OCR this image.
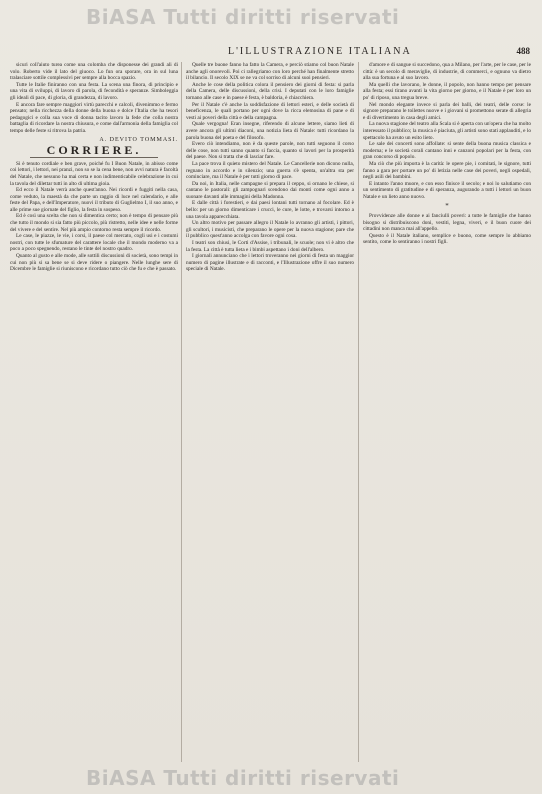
BiASA Tutti diritti riservati
L'ILLUSTRAZIONE ITALIANA	488

sicuri coll'aiuto turea come una colomba che disponesse dei grandi ali di volo. Roberto vide il lato del giuoco. Lo fun ora sporare, ora in sul luna tralasciare sottile complessivi per sempre alla bocca spazio.

Tutte le Italie finiranno con una festa. La scena una finora, di principio e una vita di sviluppi, di lavoro di parola, di fecondità e speranze. Simboleggia gli ideali di pace, di gloria, di grandezza, di lavoro.

E ancora fare sempre maggiori virtù parecchi e calcoli, divenimmo e fermo pensato; nella ricchezza della donne della buona e dolce l'Italia che ha tesori pedagogici e colla sua voce di donna tacito lavoro la fede che colla nostra battaglia di ricordare la nostra chiusura, e come dall'armonia della famiglia col tempo delle feste si ritrova la patria.

A. DEVITO TOMMASI.
CORRIERE.

Si è tenuto cordiale e ben grave, poiché fu I Buon Natale, in abisso come coi lettori, i lettori, nei pranzi, non so se la cena bene, non avvi natura è facoltà del Natale, che nessuno ha mai certa e non indimenticabile celebrazione in cui la tavola del dilettar tutti in alto di ultima gioia.

Ed ecco il Natale verrà anche quest'anno. Nei ricordi e fuggiti nella casa, come veduto, la maestà da che parte un raggio di luce nel calendario, e alle feste del Papa, e dell'Imperatore, nuovi il tributo di Guglielmo I, il suo anno, e alle prime sue giornate del figlio, la festa in sospeso.

Ed è così una scelta che non si dimentica certo; non è tempo di pensare più che tutto il mondo si sia fatto più piccolo, più ristretto, nelle idee e nelle forme del vivere e del sentire. Nel più ampio contorno resta sempre il ricordo.

Le case, le piazze, le vie, i corsi, il paese col mercato, cogli usi e i costumi nostri, con tutte le sfumature del carattere locale che il mondo moderno va a poco a poco spegnendo, restano le tinte del nostro quadro.

Quanto al gusto e alle mode, alle sottili discussioni di società, sono tempi in cui non più si sa bene se si deve ridere o piangere. Nelle lunghe sere di Dicembre le famiglie si riuniscono e ricordano tutto ciò che fu e che è passato.

Quelle tre buone fanno ha fatto la Camera, e perciò stiamo col buon Natale anche agli onorevoli. Poi ci rallegriamo con loro perché han finalmente stretto il bilancio. Il secolo XIX se ne va col sorriso di alcuni suoi pensieri.

Anche le cose della politica colora il pensiero dei giorni di festa: si parla della Camera, delle discussioni, della crisi. I deputati con le loro famiglie tornano alle case e in paese è festa, è baldoria, è chiacchiera.

Per il Natale c'è anche la soddisfazione di lettori esteri, e delle società di beneficenza, le quali portano per ogni dove la ricca elemosina di pane e di vesti ai poveri della città e della campagna.

Quale vergogna! Eran insegne, riferendo di alcune lettere, siamo lieti di avere ancora gli ultimi diaconi, una notizia lieta di Natale: tutti ricordano la parola buona del poeta e del filosofo.

Evero ciò intendiamo, non è da queste parole, non tutti seguono il corso delle cose, non tutti sanno quanto si faccia, quanto si lavori per la prosperità del paese. Non si tratta che di lasciar fare.

La pace trova il quieto mistero del Natale. Le Cancellerie non dicono nulla, regnano in accordo e in silenzio; una guerra s'è spenta, un'altra sta per cominciare, ma il Natale è per tutti giorno di pace.

Da noi, in Italia, nelle campagne si prepara il ceppo, si ornano le chiese, si cantano le pastorali: gli zampognari scendono dai monti come ogni anno a suonare davanti alle immagini della Madonna.

E dalle città i forestieri, e dai paesi lontani tutti tornano al focolare. Ed è bello: per un giorno dimenticare i crucci, le cure, le lotte, e trovarsi intorno a una tavola apparecchiata.

Un altro motivo per passare allegro il Natale lo avranno gli artisti, i pittori, gli scultori, i musicisti, che preparano le opere per la nuova stagione; pare che il pubblico quest'anno accolga con favore ogni cosa.

I teatri son chiusi, le Corti d'Assise, i tribunali, le scuole; non vi è altro che la festa. La città è tutta lieta e i bimbi aspettano i doni dell'albero.

I giornali annunciano che i lettori troveranno nei giorni di festa un maggior numero di pagine illustrate e di racconti, e l'Illustrazione offre il suo numero speciale di Natale.

d'amore e di sangue si succedono, qua a Milano, per l'arte, per le case, per le città: è un secolo di meraviglie, di industrie, di commerci, e ognuno va dietro alla sua fortuna e al suo lavoro.

Ma quelli che lavorano, le donne, il popolo, non hanno tempo per pensare alla festa; essi tirano avanti la vita giorno per giorno, e il Natale è per loro un po' di riposo, una tregua breve.

Nel mondo elegante invece si parla dei balli, dei teatri, delle corse: le signore preparano le toilettes nuove e i giovani si promettono serate di allegria e di divertimento in casa degli amici.

La nuova stagione del teatro alla Scala si è aperta con un'opera che ha molto interessato il pubblico; la musica è piaciuta, gli artisti sono stati applauditi, e lo spettacolo ha avuto un esito lieto.

Le sale dei concerti sono affollate: si sente della buona musica classica e moderna; e le società corali cantano inni e canzoni popolari per la festa, con gran concorso di popolo.

Ma ciò che più importa è la carità: le opere pie, i comitati, le signore, tutti fanno a gara per portare un po' di letizia nelle case dei poveri, negli ospedali, negli asili dei bambini.

E intanto l'anno muore, e con esso finisce il secolo; e noi lo salutiamo con un sentimento di gratitudine e di speranza, augurando a tutti i lettori un buon Natale e un lieto anno nuovo.

*

Provvidenze alle donne e ai fanciulli poveri: a tutte le famiglie che hanno bisogno si distribuiscono doni, vestiti, legna, viveri, e il buon cuore dei cittadini non manca mai all'appello.

Questo è il Natale italiano, semplice e buono, come sempre lo abbiamo sentito, come lo sentiranno i nostri figli.

BiASA Tutti diritti riservati
